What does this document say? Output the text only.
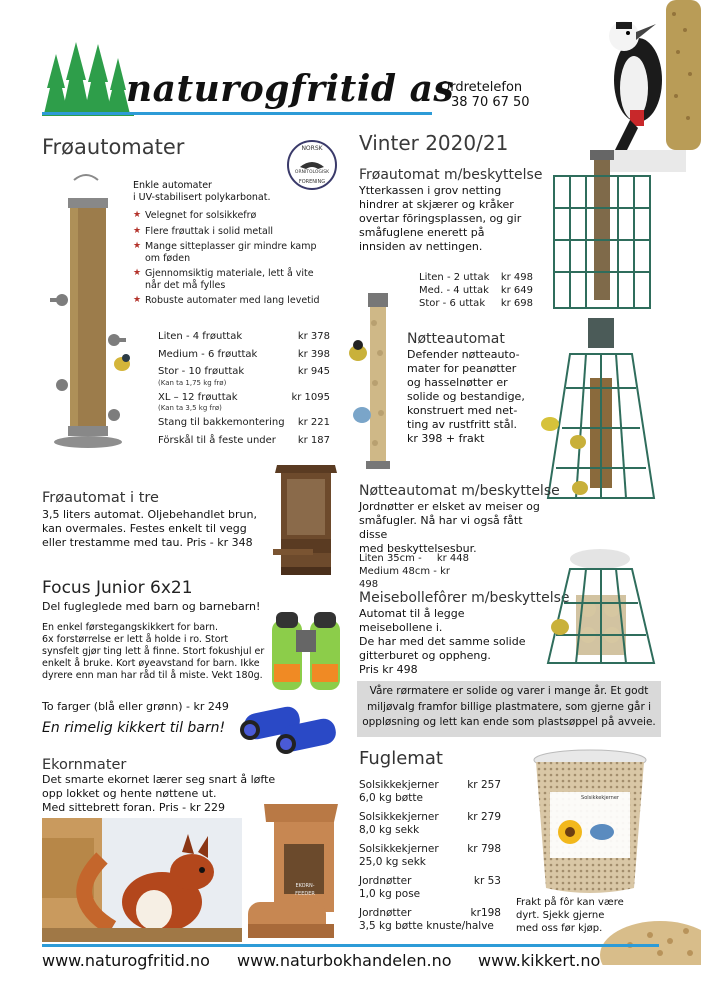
naturogfritid as
Ordretelefon
38 70 67 50
Frøautomater	NORSK
ORNITOLOGISK
FORENING
Enkle automater
i UV-stabilisert polykarbonat.
★ Velegnet for solsikkefrø
★ Flere frøuttak i solid metall
★ Mange sitteplasser gir mindre kamp om føden
★ Gjennomsiktig materiale, lett å vite når det må fylles
★ Robuste automater med lang levetid
Liten - 4 frøuttak	kr 378
Medium - 6 frøuttak	kr 398
Stor - 10 frøuttak	kr 945
(Kan ta 1,75 kg frø)
XL – 12 frøuttak	kr 1095
(Kan ta 3,5 kg frø)
Stang til bakkemontering kr 221
Förskål til å feste under kr 187
Frøautomat i tre
3,5 liters automat. Oljebehandlet brun,
kan overmales. Festes enkelt til vegg
eller trestamme med tau. Pris - kr 348
Focus Junior 6x21
Del fugleglede med barn og barnebarn!
En enkel førstegangskikkert for barn.
6x forstørrelse er lett å holde i ro. Stort
synsfelt gjør ting lett å finne. Stort fokushjul er
enkelt å bruke. Kort øyeavstand for barn. Ikke
dyrere enn man har råd til å miste. Vekt 180g.
To farger (blå eller grønn) - kr 249
En rimelig kikkert til barn!
Ekornmater
Det smarte ekornet lærer seg snart å løfte
opp lokket og hente nøttene ut.
Med sittebrett foran. Pris - kr 229
EKORN-FEEDER
Vinter 2020/21
Frøautomat m/beskyttelse
Ytterkassen i grov netting
hindrer at skjærer og kråker
overtar fōringsplassen, og gir
småfuglene enerett på
innsiden av nettingen.
Liten - 2 uttak kr 498
Med. - 4 uttak kr 649
Stor - 6 uttak kr 698
Nøtteautomat
Defender nøtteauto-
mater for peanøtter
og hasselnøtter er
solide og bestandige,
konstruert med net-
ting av rustfritt stål.
kr 398 + frakt
Nøtteautomat m/beskyttelse
Jordnøtter er elsket av meiser og
småfugler. Nå har vi også fått disse
med beskyttelsesbur.
Liten 35cm - kr 448
Medium 48cm - kr 498
Meisebollefôrer m/beskyttelse
Automat til å legge meisebollene i.
De har med det samme solide
gitterburet og oppheng.
Pris kr 498
Våre rørmatere er solide og varer i mange år. Et godt
miljøvalg framfor billige plastmatere, som gjerne går i
oppløsning og lett kan ende som plastsøppel på avveie.
Fuglemat
Solsikkekjerner	kr 257
6,0 kg bøtte
Solsikkekjerner	kr 279
8,0 kg sekk
Solsikkekjerner	kr 798
25,0 kg sekk
Jordnøtter	kr 53
1,0 kg pose
Jordnøtter	kr198
3,5 kg bøtte knuste/halve
Solsikkekjerner
Frakt på fôr kan være
dyrt. Sjekk gjerne
med oss før kjøp.
www.naturogfritid.no www.naturbokhandelen.no www.kikkert.no
